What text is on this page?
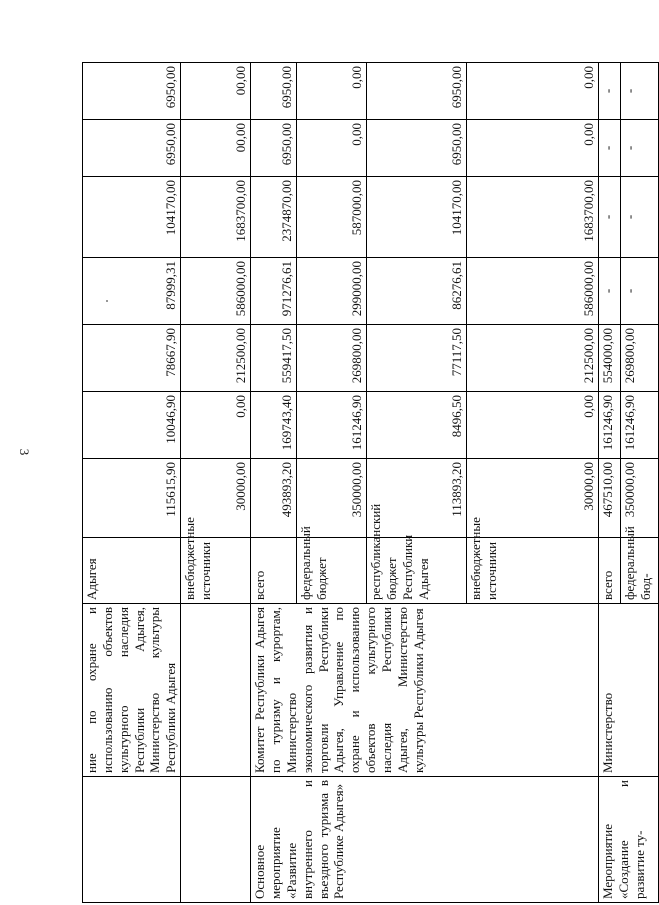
3
	ние по охране и использованию объектов культурного наследия Республики Адыгея, Министерство культуры Республики Адыгея	Адыгея	115615,90	10046,90	78667,90	87999,31	104170,00	6950,00	6950,00
		внебюджетные источники	30000,00	0,00	212500,00	586000,00	1683700,00	00,00	00,00
Основное мероприятие «Развитие внутреннего и въездного туризма в Республике Адыгея»	Комитет Республики Адыгея по туризму и курортам, Министерство экономического развития и торговли Республики Адыгея, Управление по охране и использованию объектов культурного наследия Республики Адыгея, Министерство культуры Республики Адыгея	всего	493893,20	169743,40	559417,50	971276,61	2374870,00	6950,00	6950,00
		федеральный бюджет	350000,00	161246,90	269800,00	299000,00	587000,00	0,00	0,00
		республиканский бюджет Республики Адыгея	113893,20	8496,50	77117,50	86276,61	104170,00	6950,00	6950,00
		внебюджетные источники	30000,00	0,00	212500,00	586000,00	1683700,00	0,00	0,00
Мероприятие «Создание и развитие ту-	Министерство	всего	467510,00	161246,90	554000,00	-	-	-	-
		федеральный бюд-	350000,00	161246,90	269800,00	-	-	-	-
